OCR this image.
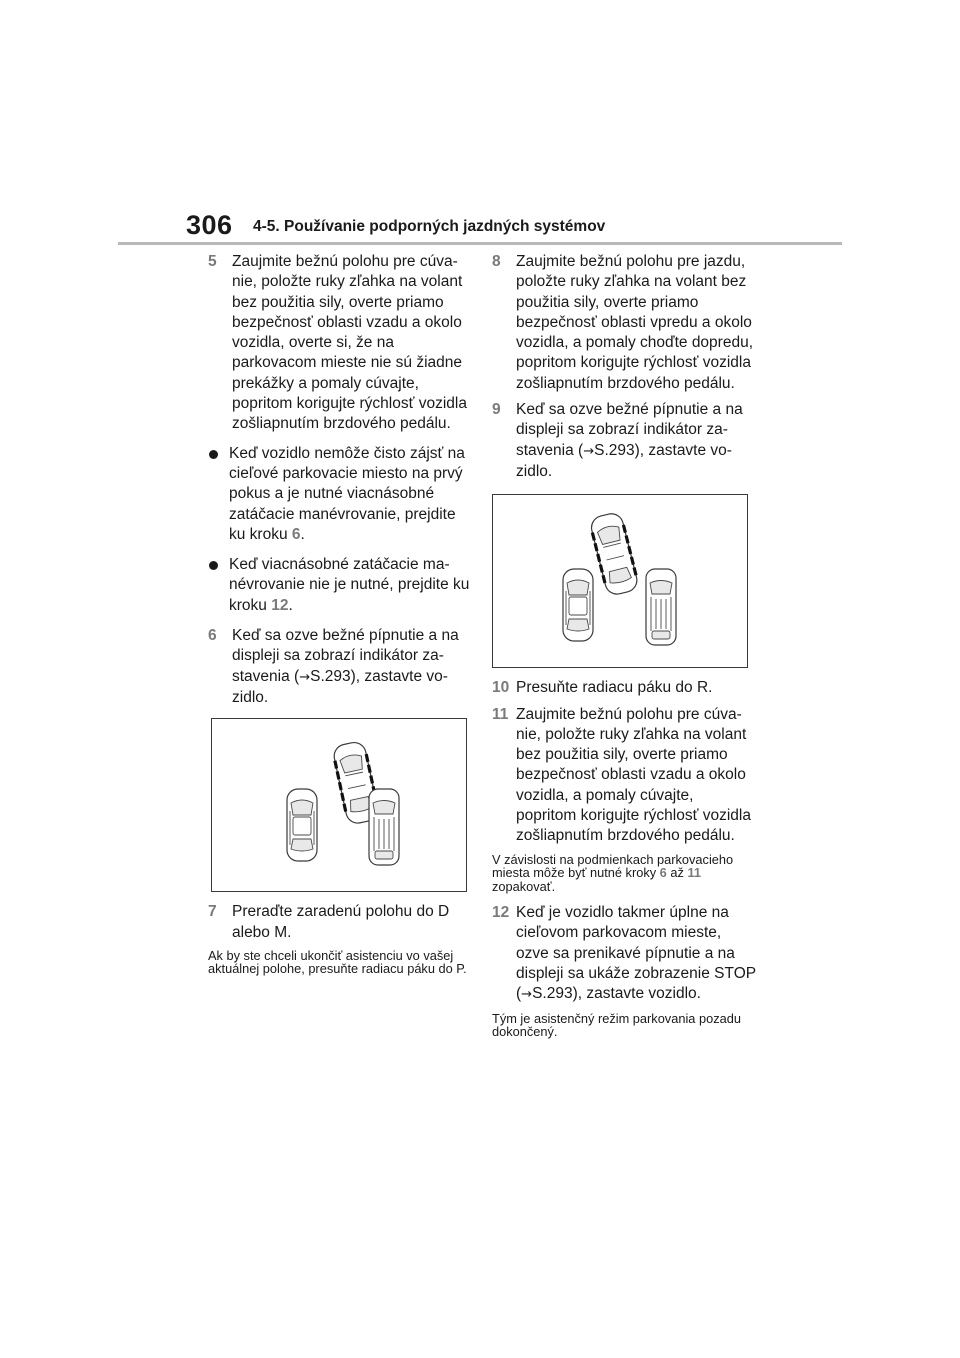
306 4-5. Používanie podporných jazdných systémov
5 Zaujmite bežnú polohu pre cúvanie, položte ruky zľahka na volant bez použitia sily, overte priamo bezpečnosť oblasti vzadu a okolo vozidla, overte si, že na parkovacom mieste nie sú žiadne prekážky a pomaly cúvajte, popritom korigujte rýchlosť vozidla zošliapnutím brzdového pedálu.
Keď vozidlo nemôže čisto zájsť na cieľové parkovacie miesto na prvý pokus a je nutné viacnásobné zatáčacie manévrovanie, prejdite ku kroku 6.
Keď viacnásobné zatáčacie manévrovanie nie je nutné, prejdite ku kroku 12.
6 Keď sa ozve bežné pípnutie a na displeji sa zobrazí indikátor zastavenia (→S.293), zastavte vozidlo.
7 Preraďte zaradenú polohu do D alebo M.
Ak by ste chceli ukončiť asistenciu vo vašej aktuálnej polohe, presuňte radiacu páku do P.
8 Zaujmite bežnú polohu pre jazdu, položte ruky zľahka na volant bez použitia sily, overte priamo bezpečnosť oblasti vpredu a okolo vozidla, a pomaly choďte dopredu, popritom korigujte rýchlosť vozidla zošliapnutím brzdového pedálu.
9 Keď sa ozve bežné pípnutie a na displeji sa zobrazí indikátor zastavenia (→S.293), zastavte vozidlo.
10 Presuňte radiacu páku do R.
11 Zaujmite bežnú polohu pre cúvanie, položte ruky zľahka na volant bez použitia sily, overte priamo bezpečnosť oblasti vzadu a okolo vozidla, a pomaly cúvajte, popritom korigujte rýchlosť vozidla zošliapnutím brzdového pedálu.
V závislosti na podmienkach parkovacieho miesta môže byť nutné kroky 6 až 11 zopakovať.
12 Keď je vozidlo takmer úplne na cieľovom parkovacom mieste, ozve sa prenikavé pípnutie a na displeji sa ukáže zobrazenie STOP (→S.293), zastavte vozidlo.
Tým je asistenčný režim parkovania pozadu dokončený.
